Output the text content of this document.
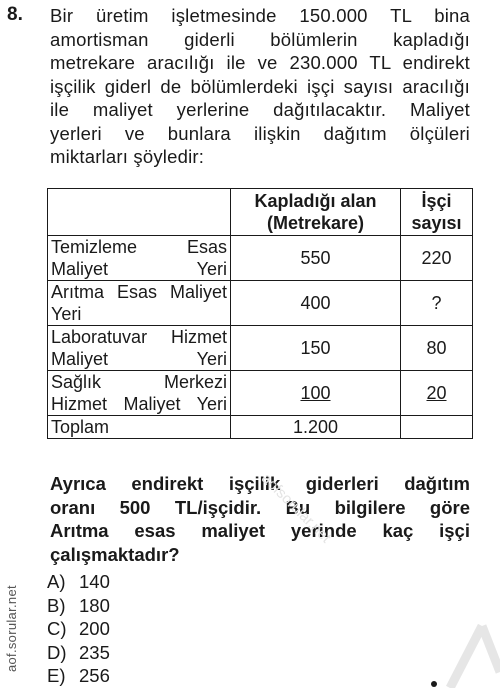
8. Bir üretim işletmesinde 150.000 TL bina
amortisman giderli bölümlerin kapladığı
metrekare aracılığı ile ve 230.000 TL endirekt
işçilik giderl de bölümlerdeki işçi sayısı aracılığı
ile maliyet yerlerine dağıtılacaktır. Maliyet
yerleri ve bunlara ilişkin dağıtım ölçüleri
miktarları şöyledir:
	Kapladığı alan (Metrekare)	İşçi sayısı
Temizleme Esas Maliyet Yeri	550	220
Arıtma Esas Maliyet Yeri	400	?
Laboratuvar Hizmet Maliyet Yeri	150	80
Sağlık Merkezi Hizmet Maliyet Yeri	100	20
Toplam	1.200	
Ayrıca endirekt işçilik giderleri dağıtım
oranı 500 TL/işçidir. Bu bilgilere göre
Arıtma esas maliyet yerinde kaç işçi
çalışmaktadır?
A) 140
B) 180
C) 200
D) 235
E) 256
aof.sorular.net
aofsorular.net
